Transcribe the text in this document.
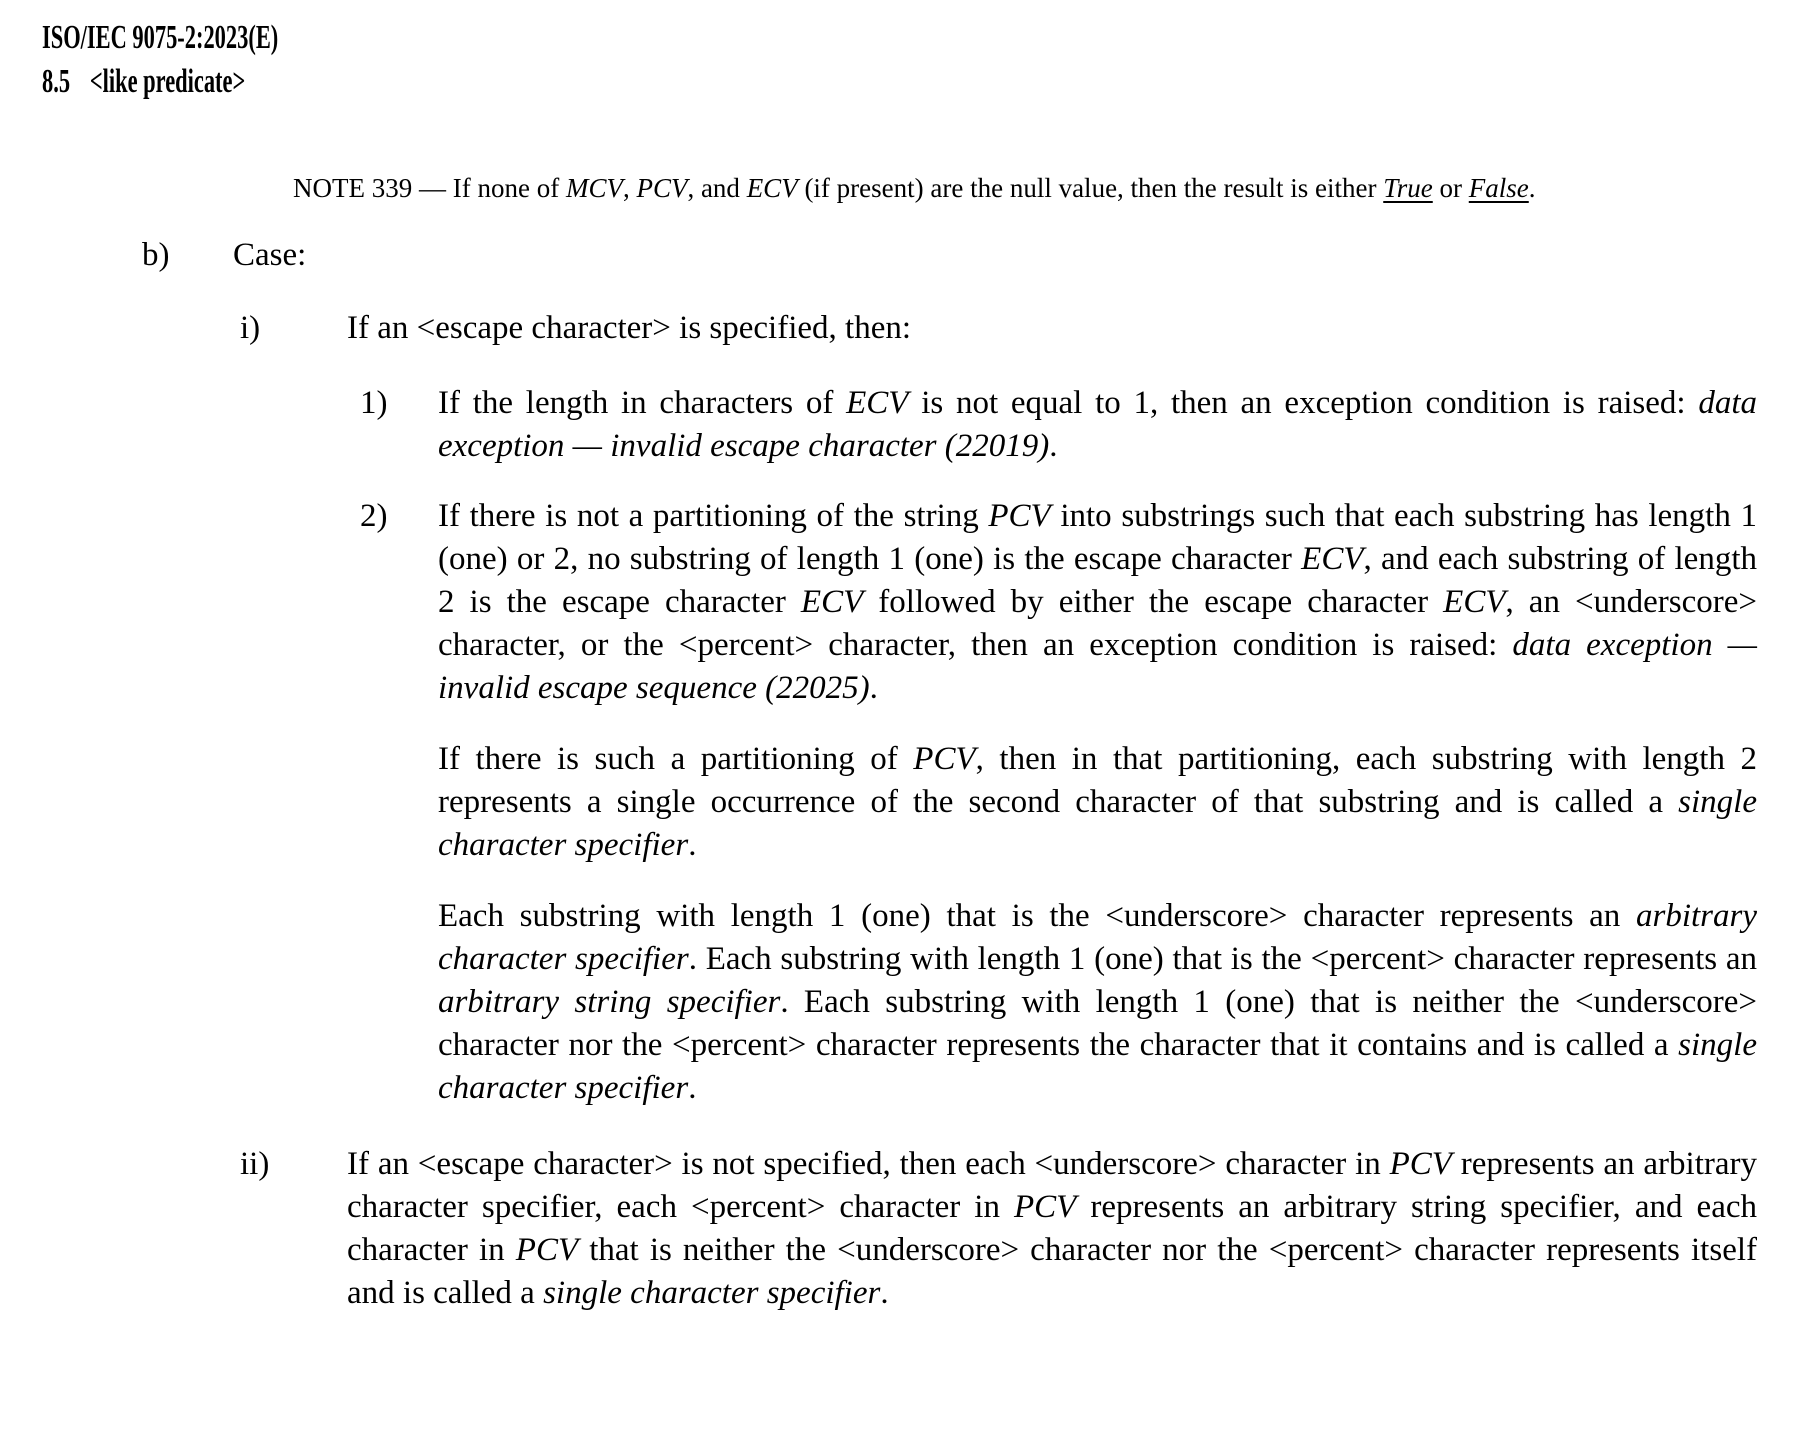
ISO/IEC 9075-2:2023(E)
8.5 <like predicate>

NOTE 339 — If none of MCV, PCV, and ECV (if present) are the null value, then the result is either True or False.

b) Case:
i)	If an <escape character> is specified, then:
1) If the length in characters of ECV is not equal to 1, then an exception condition is raised: data exception — invalid escape character (22019).

2) If there is not a partitioning of the string PCV into substrings such that each substring has length 1 (one) or 2, no substring of length 1 (one) is the escape character ECV, and each substring of length 2 is the escape character ECV followed by either the escape character ECV, an <underscore> character, or the <percent> character, then an exception condition is raised: data exception — invalid escape sequence (22025).

If there is such a partitioning of PCV, then in that partitioning, each substring with length 2 represents a single occurrence of the second character of that substring and is called a single character specifier.

Each substring with length 1 (one) that is the <underscore> character represents an arbitrary character specifier. Each substring with length 1 (one) that is the <percent> character represents an arbitrary string specifier. Each substring with length 1 (one) that is neither the <underscore> character nor the <percent> character represents the character that it contains and is called a single character specifier.

ii) If an <escape character> is not specified, then each <underscore> character in PCV represents an arbitrary character specifier, each <percent> character in PCV represents an arbitrary string specifier, and each character in PCV that is neither the <underscore> character nor the <percent> character represents itself and is called a single character specifier.
